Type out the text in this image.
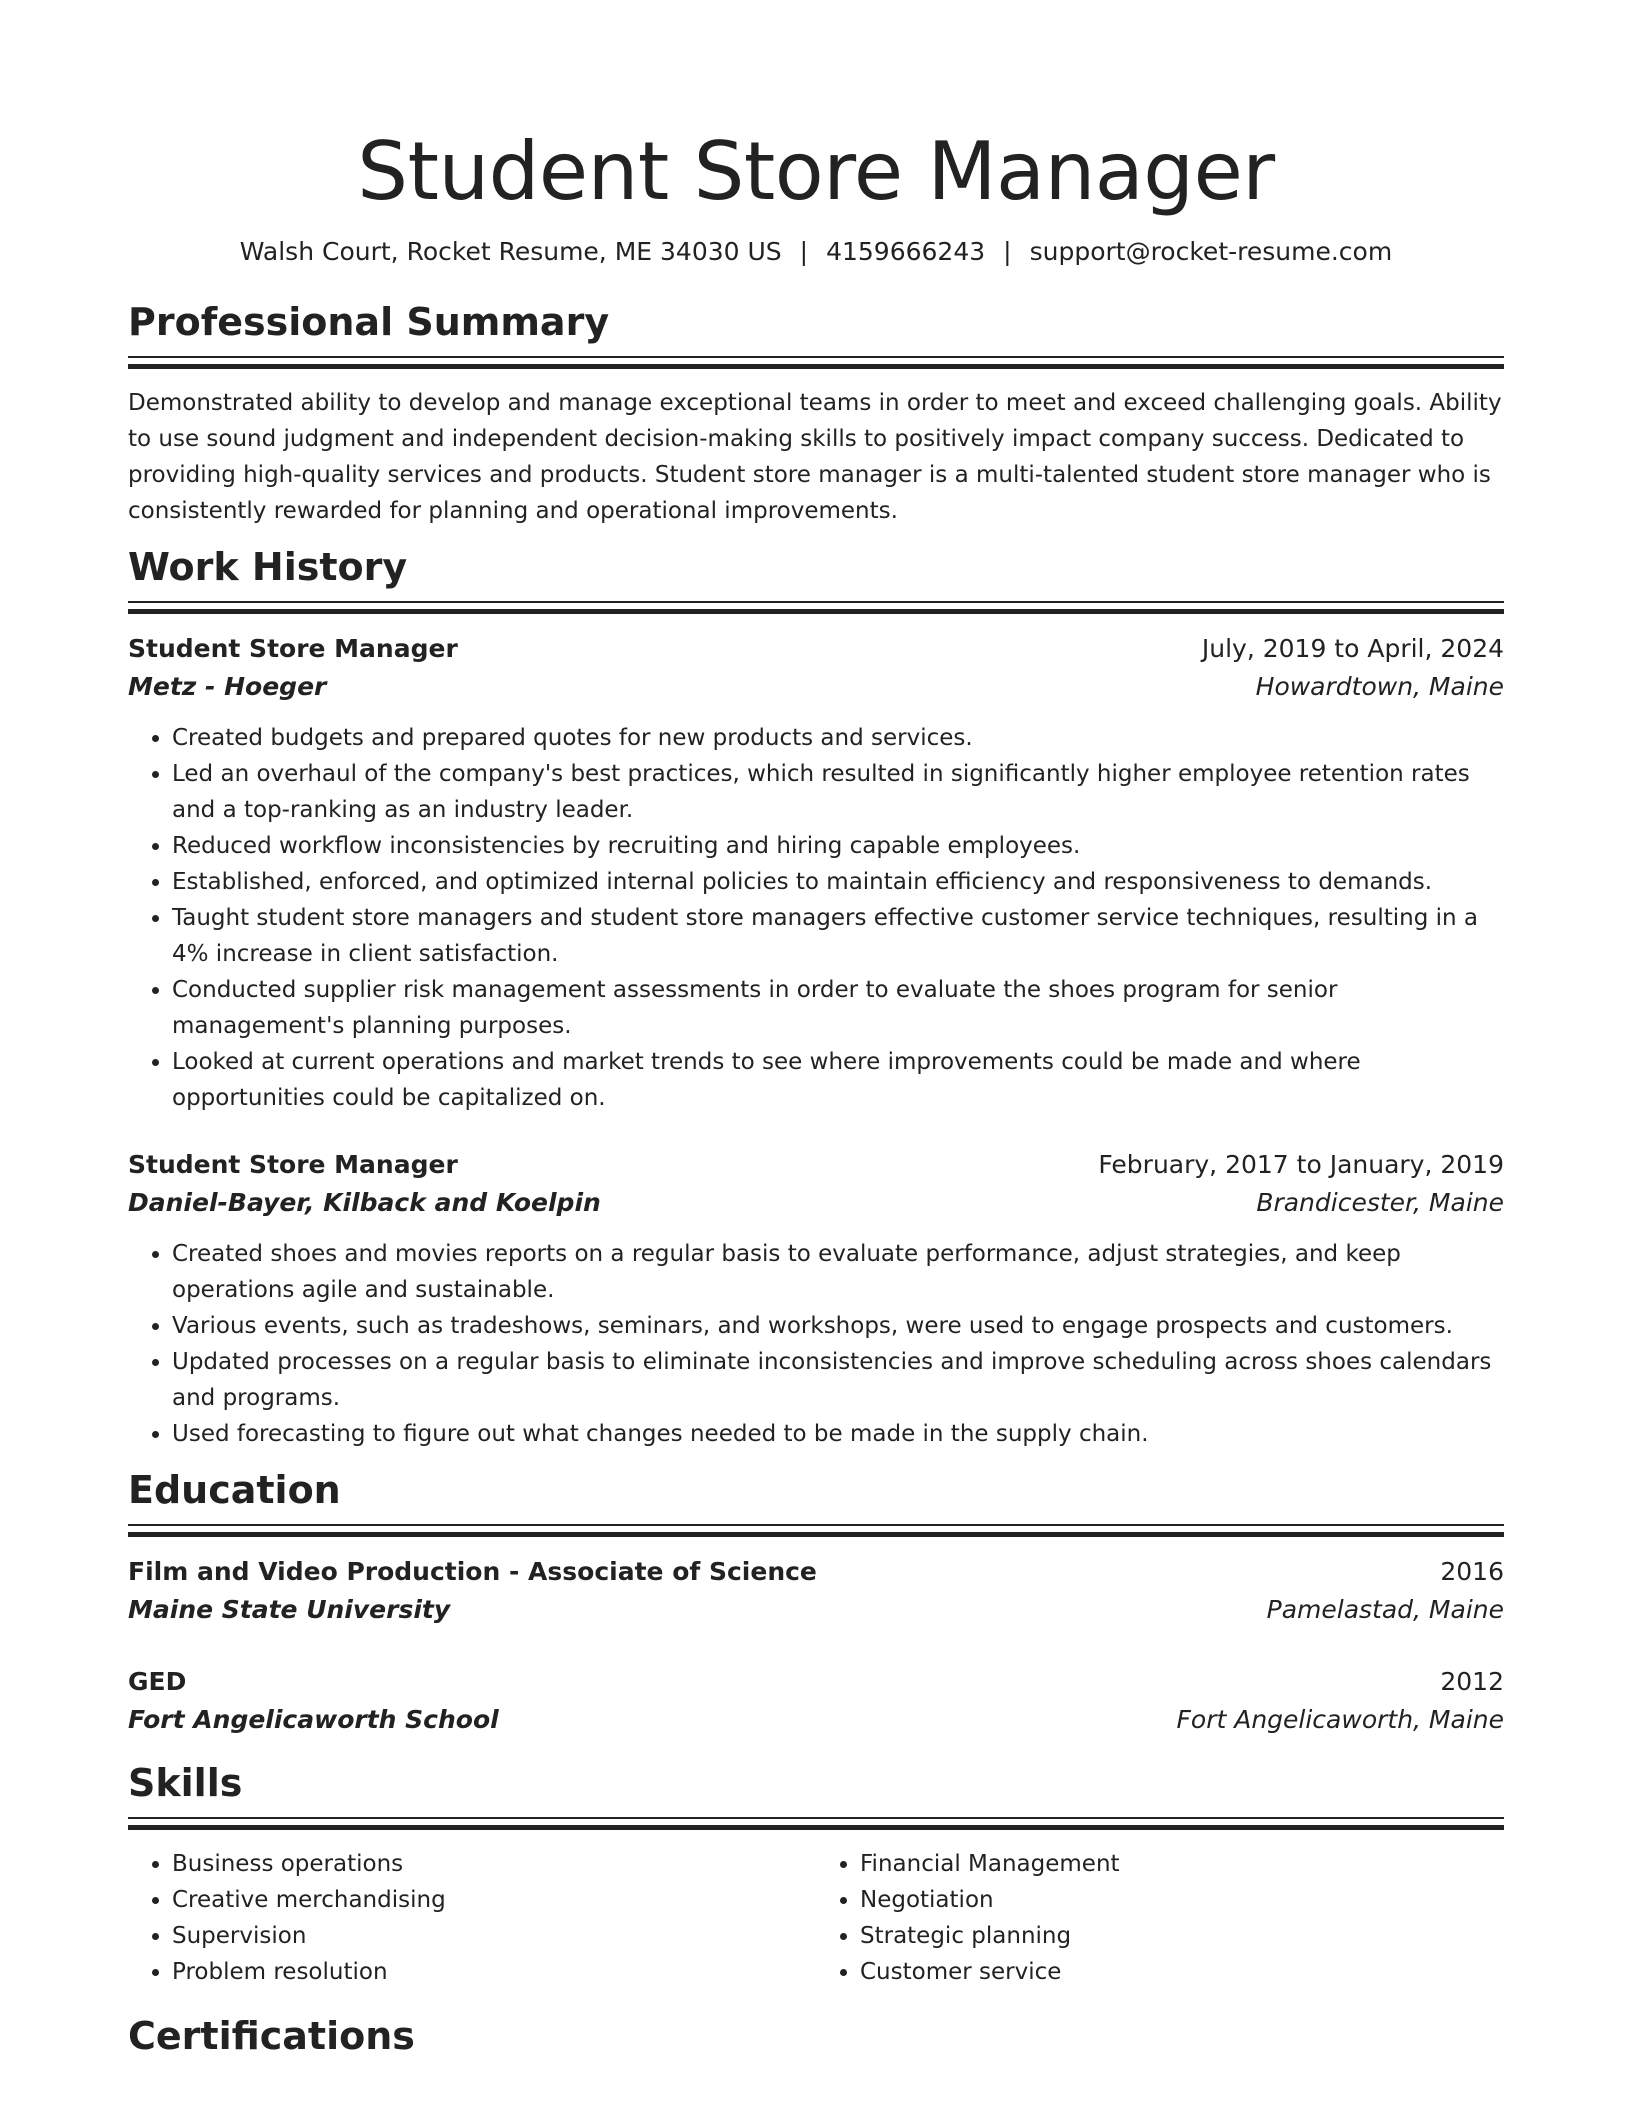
Student Store Manager
Walsh Court, Rocket Resume, ME 34030 US | 4159666243 | support@rocket-resume.com
Professional Summary

Demonstrated ability to develop and manage exceptional teams in order to meet and exceed challenging goals. Ability to use sound judgment and independent decision-making skills to positively impact company success. Dedicated to providing high-quality services and products. Student store manager is a multi-talented student store manager who is consistently rewarded for planning and operational improvements.

Work History
Student Store Manager	July, 2019 to April, 2024
Metz - Hoeger	Howardtown, Maine
• Created budgets and prepared quotes for new products and services.
• Led an overhaul of the company's best practices, which resulted in significantly higher employee retention rates and a top-ranking as an industry leader.
• Reduced workflow inconsistencies by recruiting and hiring capable employees.
• Established, enforced, and optimized internal policies to maintain efficiency and responsiveness to demands.
• Taught student store managers and student store managers effective customer service techniques, resulting in a 4% increase in client satisfaction.
• Conducted supplier risk management assessments in order to evaluate the shoes program for senior management's planning purposes.
• Looked at current operations and market trends to see where improvements could be made and where opportunities could be capitalized on.
Student Store Manager	February, 2017 to January, 2019
Daniel-Bayer, Kilback and Koelpin	Brandicester, Maine
• Created shoes and movies reports on a regular basis to evaluate performance, adjust strategies, and keep operations agile and sustainable.
• Various events, such as tradeshows, seminars, and workshops, were used to engage prospects and customers.
• Updated processes on a regular basis to eliminate inconsistencies and improve scheduling across shoes calendars and programs.
• Used forecasting to figure out what changes needed to be made in the supply chain.
Education
Film and Video Production - Associate of Science	2016
Maine State University	Pamelastad, Maine
GED	2012
Fort Angelicaworth School	Fort Angelicaworth, Maine
Skills
• Business operations
• Creative merchandising
• Supervision
• Problem resolution
• Financial Management
• Negotiation
• Strategic planning
• Customer service
Certifications
